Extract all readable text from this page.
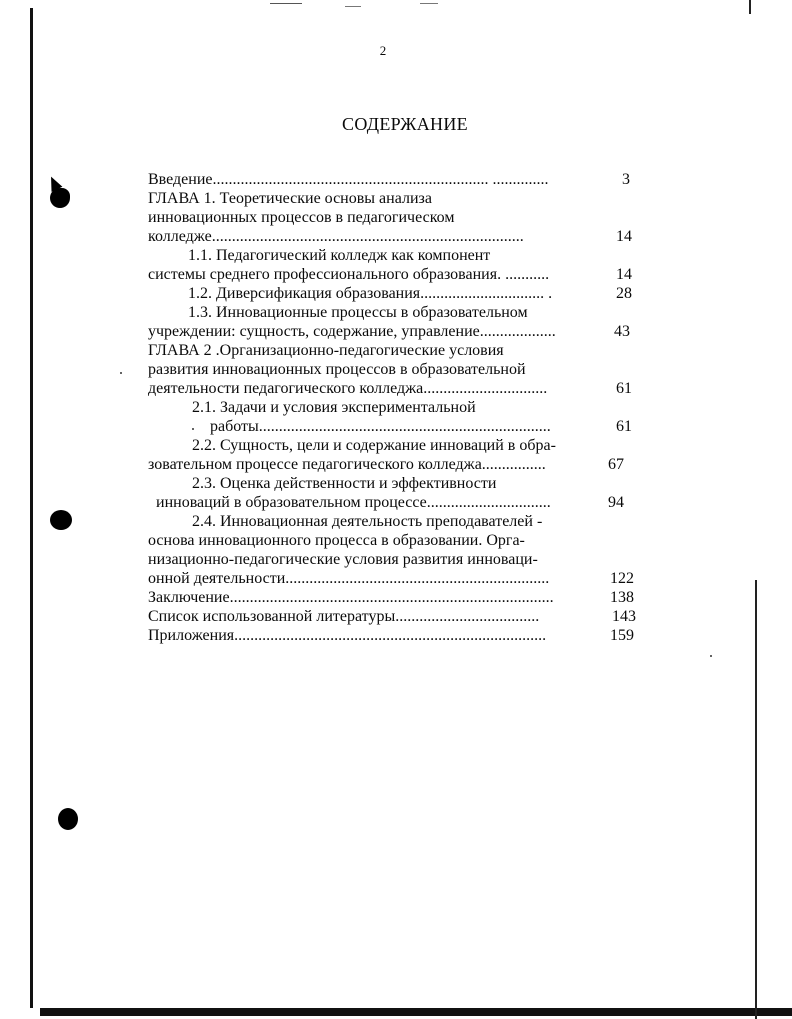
2
СОДЕРЖАНИЕ
Введение..................................................................... ..............	3
ГЛАВА 1. Теоретические основы анализа
инновационных процессов в педагогическом
колледже..............................................................................	14
1.1. Педагогический колледж как компонент
системы среднего профессионального образования. ...........	14
1.2. Диверсификация образования............................... .	28
1.3. Инновационные процессы в образовательном
учреждении: сущность, содержание, управление...................	43
ГЛАВА 2 .Организационно-педагогические условия
развития инновационных процессов в образовательной
деятельности педагогического колледжа...............................	61
2.1. Задачи и условия экспериментальной
работы.........................................................................	61
2.2. Сущность, цели и содержание инноваций в обра-
зовательном процессе педагогического колледжа................	67
2.3. Оценка действенности и эффективности
инноваций в образовательном процессе...............................	94
2.4. Инновационная деятельность преподавателей -
основа инновационного процесса в образовании. Орга-
низационно-педагогические условия развития инноваци-
онной деятельности..................................................................	122
Заключение.................................................................................	138
Список использованной литературы....................................	143
Приложения..............................................................................	159
